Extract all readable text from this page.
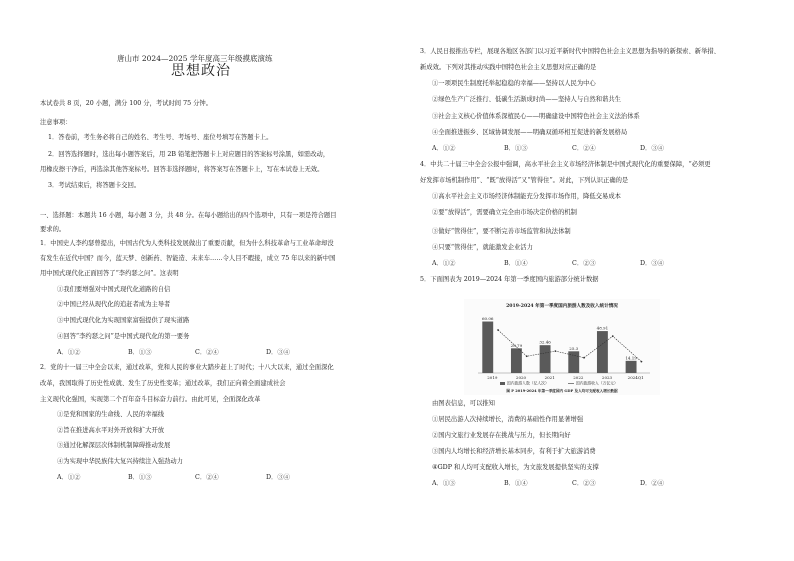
唐山市 2024—2025 学年度高三年级摸底演练
思想政治
本试卷共 8 页，20 小题，满分 100 分，考试时间 75 分钟。
注意事项：
1．答卷前，考生务必将自己的姓名、考生号、考场号、座位号填写在答题卡上。
2．回答选择题时，选出每小题答案后，用 2B 铅笔把答题卡上对应题目的答案标号涂黑，如需改动，
用橡皮擦干净后，再选涂其他答案标号。回答非选择题时，将答案写在答题卡上，写在本试卷上无效。
3．考试结束后，将答题卡交回。
一、选择题：本题共 16 小题，每小题 3 分，共 48 分。在每小题给出的四个选项中，只有一项是符合题目
要求的。
1．中国史人李约瑟曾提出，中国古代为人类科技发展做出了重要贡献，但为什么科技革命与工业革命却没
有发生在近代中国？而今，蓝天梦、创新药、智能造、未来车……令人目不暇接，成立 75 年以来的新中国
用中国式现代化正面回答了“李约瑟之问”。这表明
①我们要增强对中国式现代化道路的自信
②中国已经从现代化的追赶者成为主导者
③中国式现代化为实现国家富强提供了现实道路
④回答“李约瑟之问”是中国式现代化的第一要务
A．①②	B．①③	C．②④	D．③④
2．党的十一届三中全会以来，通过改革，党和人民的事业大踏步赶上了时代；十八大以来，通过全面深化
改革，我国取得了历史性成就、发生了历史性变革；通过改革，我们正向着全面建成社会
主义现代化强国，实现第二个百年奋斗目标奋力前行。由此可见，全面深化改革
①是党和国家的生命线、人民的幸福线
②旨在推进高水平对外开放和扩大开放
③通过化解深层次体制机制障碍推动发展
④为实现中华民族伟大复兴持续注入强劲动力
A．①②	B．①③	C．②④	D．③④
3．人民日报推出专栏，展现各地区各部门以习近平新时代中国特色社会主义思想为指导的新探索、新举措、
新成效。下列对其推动实践中国特色社会主义思想对应正确的是
①一项项民生制度托举起稳稳的幸福——坚持以人民为中心
②绿色生产广泛推行、低碳生活渐成时尚——坚持人与自然和谐共生
③社会主义核心价值体系深植民心——明确建设中国特色社会主义法治体系
④全面推进振乡、区域协调发展——明确双循环相互促进的新发展格局
A．①②	B．①③	C．②④	D．③④
4．中共二十届三中全会公报中强调，高水平社会主义市场经济体制是中国式现代化的重要保障，“必须更
好发挥市场机制作用”、“既“放得活”又“管得住”。对此，下列认识正确的是
①高水平社会主义市场经济体制能充分发挥市场作用，降低交易成本
②要“放得活”，需要确立完全由市场决定价格的机制
③做好“管得住”，要不断完善市场监管和执法体制
④只要“管得住”，就能激发企业活力
A．①②	B．①④	C．②③	D．③④
5．下面图表为 2019—2024 年第一季度国内旅游部分统计数据
2019-2024 年第一季度国内旅游人数及收入统计情况
60.06
2019
28.79
2020
32.46
2021
25.3
2022
48.91
2023
14.19
2024Q1
国内旅游人数（亿人次）	国内旅游收入（万亿元）
图 P 2019-2024 年第一季度国内 GDP 及人均可支配收入增长数据
由图表信息，可以推知
①居民出游人次持续增长，消费的基础性作用显著增强
②国内文旅行业发展存在挑战与压力，但长期向好
③国内人均增长和经济增长基本同步，有利于扩大旅游消费
④GDP 和人均可支配收入增长，为文旅发展提供坚实的支撑
A．①③	B．①④	C．②③	D．②④
